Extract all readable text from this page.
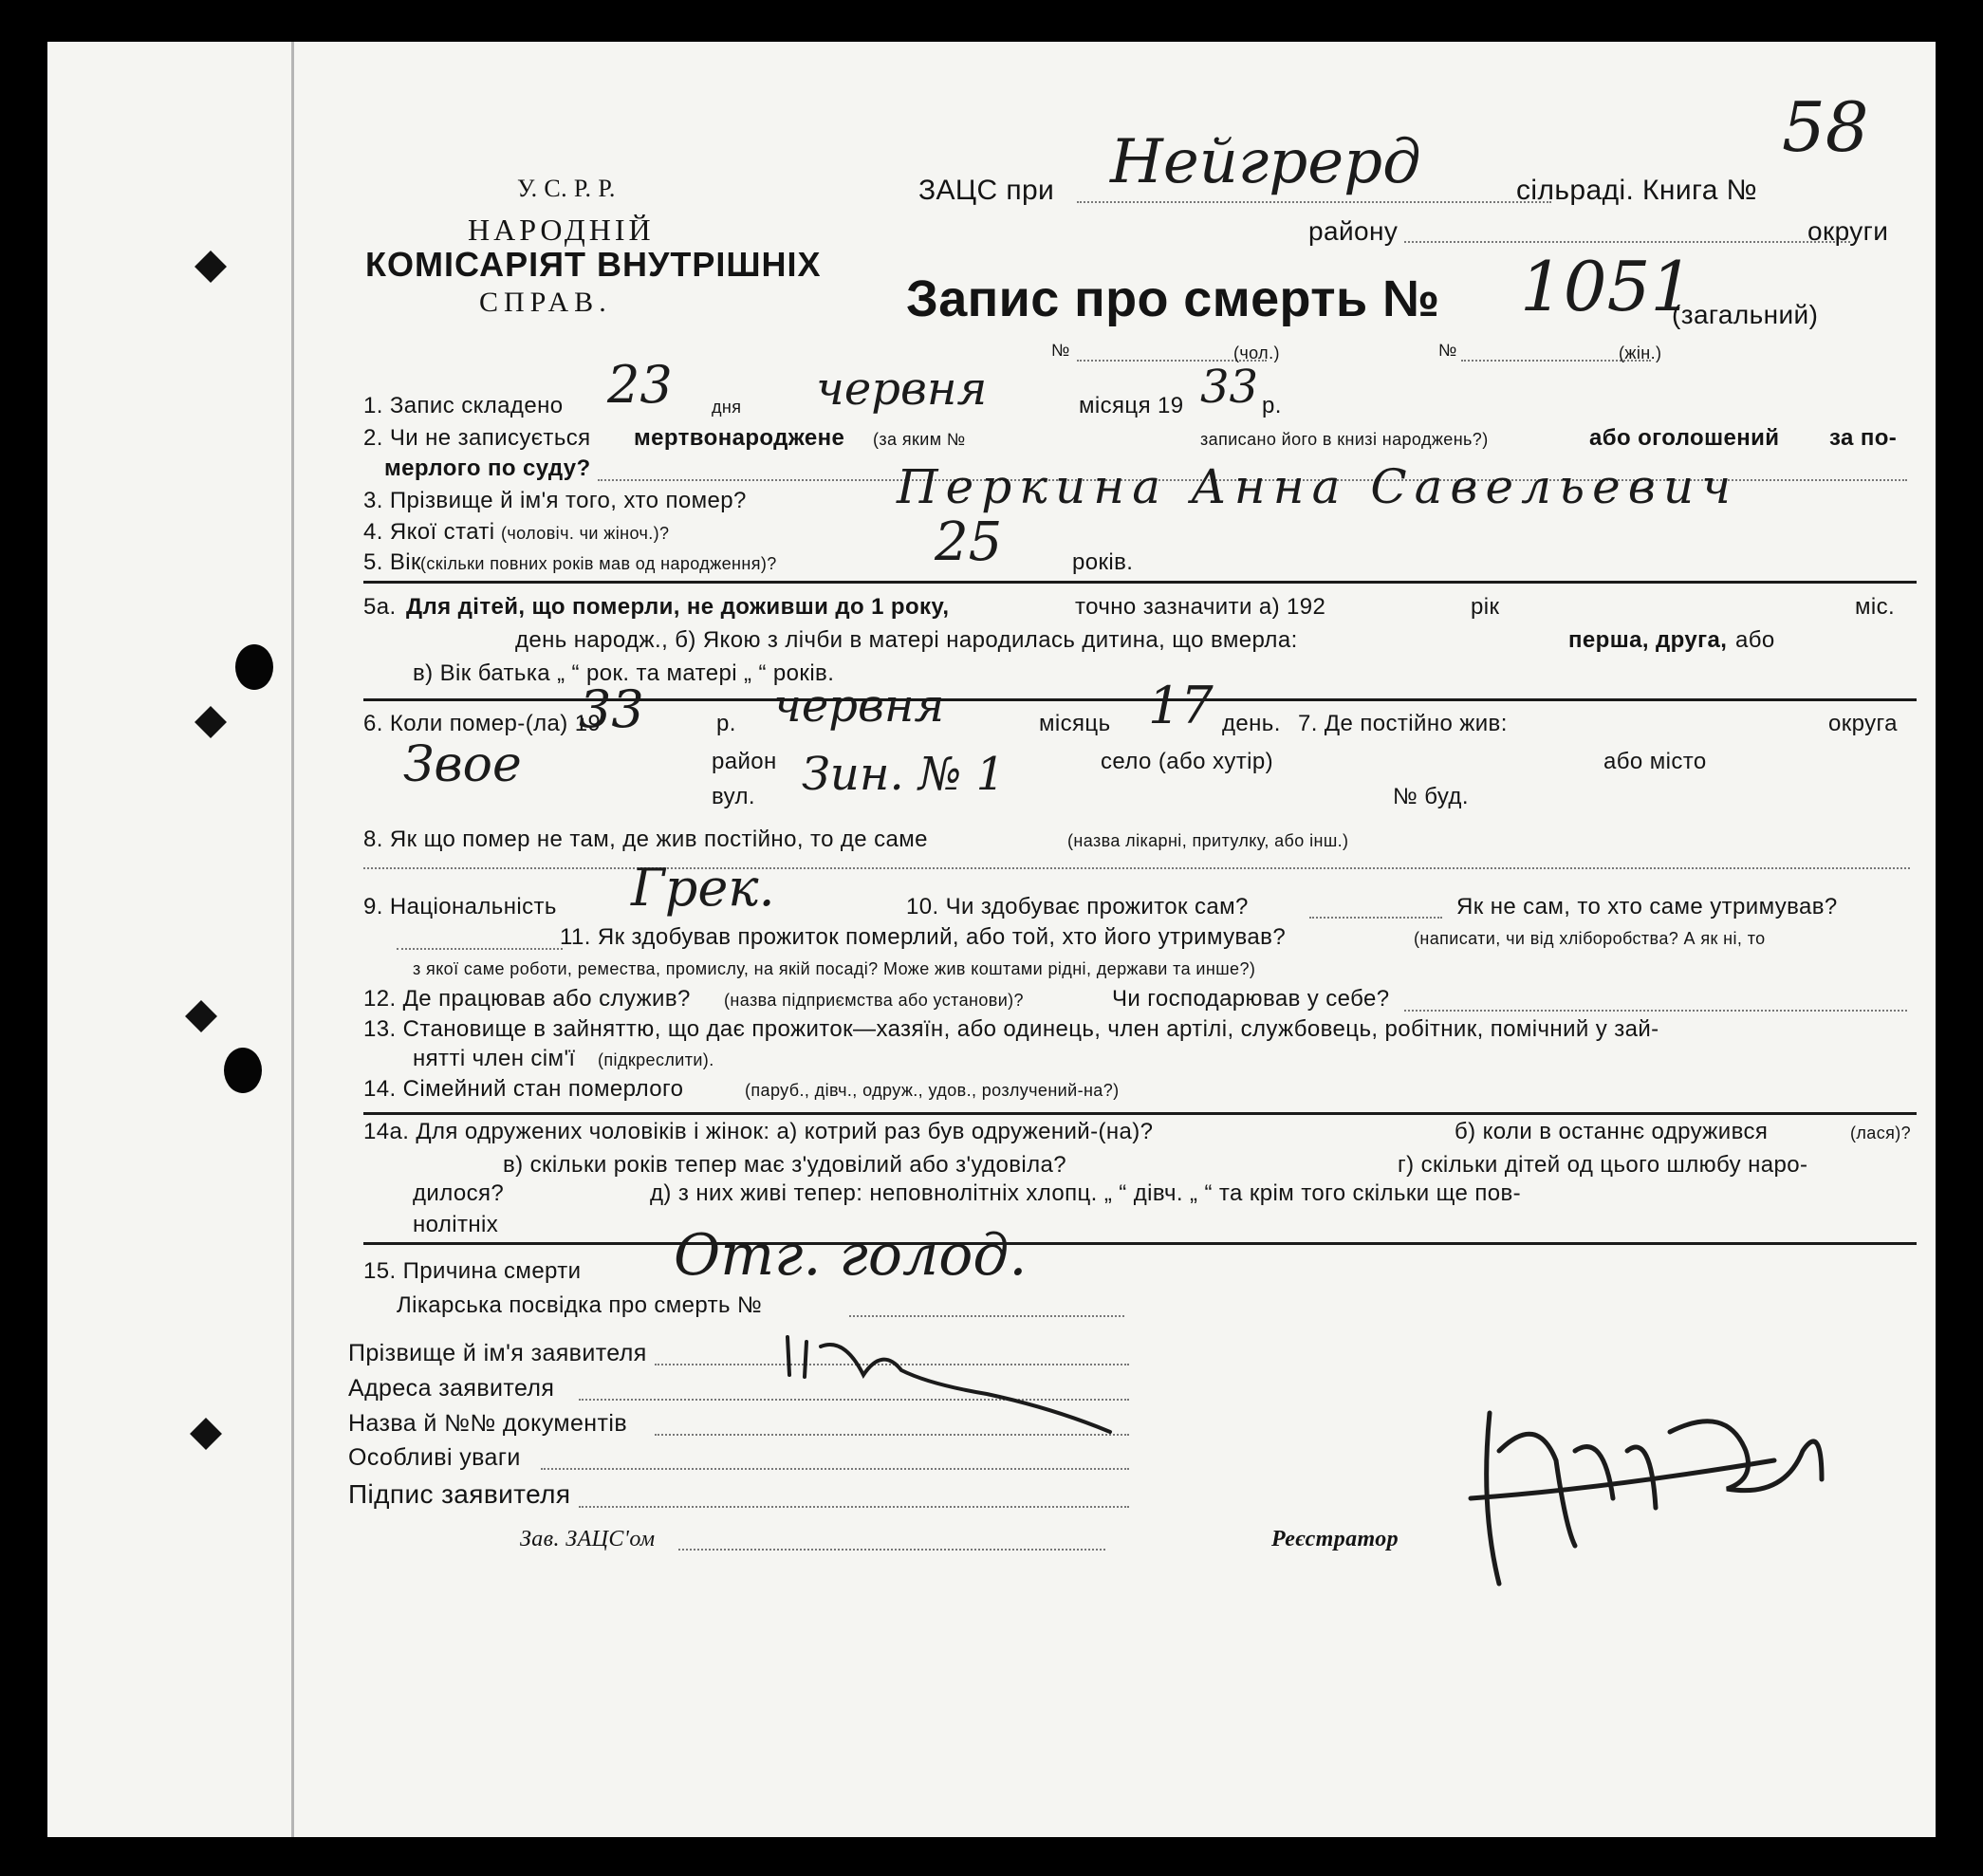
У. С. Р. Р.
НАРОДНІЙ
КОМІСАРІЯТ ВНУТРІШНІХ
СПРАВ.
ЗАЦС при Нейгрерд	сільраді. Книга №
58
району	округи
Запис про смерть № 1051
(загальний)
№	(чол.)	№	(жін.)
1. Запис складено 23 дня червня	місяця 19 33 р.
2. Чи не записується мертвонароджене (за яким №	записано його в книзі народжень?)	або оголошений за по-
мерлого по суду?
3. Прізвище й ім'я того, хто помер?	Перкина Анна Савельевич
4. Якої статі (чоловіч. чи жіноч.)?
5. Вік (скільки повних років мав од народження)?	25	років.
5а. Для дітей, що померли, не доживши до 1 року,	точно зазначити а) 192	рік	міс.
день народж., б) Якою з лічби в матері народилась дитина, що вмерла:	перша, друга, або
в) Вік батька „ “ рок. та матері „ “ років.
6. Коли помер-(ла) 19
33	р. червня	місяць 17 день. 7. Де постійно жив:	округа
Звое	район	село (або хутір)	або місто
вул. Зин. № 1	№ буд.
8. Як що помер не там, де жив постійно, то де саме	(назва лікарні, притулку, або інш.)
9. Національність Грек.	10. Чи здобуває прожиток сам?	Як не сам, то хто саме утримував?
11. Як здобував прожиток померлий, або той, хто його утримував?	(написати, чи від хліборобства? А як ні, то
з якої саме роботи, ремества, промислу, на якій посаді? Може жив коштами рідні, держави та инше?)
12. Де працював або служив? (назва підприємства або установи)?	Чи господарював у себе?
13. Становище в зайняттю, що дає прожиток—хазяїн, або одинець, член артілі, службовець, робітник, помічний у зай-
нятті член сім'ї (підкреслити).
14. Сімейний стан померлого	(паруб., дівч., одруж., удов., розлучений-на?)
14а. Для одружених чоловіків і жінок: а) котрий раз був одружений-(на)?	б) коли в останнє одружився	(лася)?
в) скільки років тепер має з'удовілий або з'удовіла?	г) скільки дітей од цього шлюбу наро-
дилося?	д) з них живі тепер: неповнолітніх хлопц. „ “ дівч. „ “ та крім того скільки ще пов-
нолітніх
15. Причина смерти Отг. голод.
Лікарська посвідка про смерть №
Прізвище й ім'я заявителя
Адреса заявителя
Назва й №№ документів
Особливі уваги
Підпис заявителя
Зав. ЗАЦС'ом	Реєстратор
